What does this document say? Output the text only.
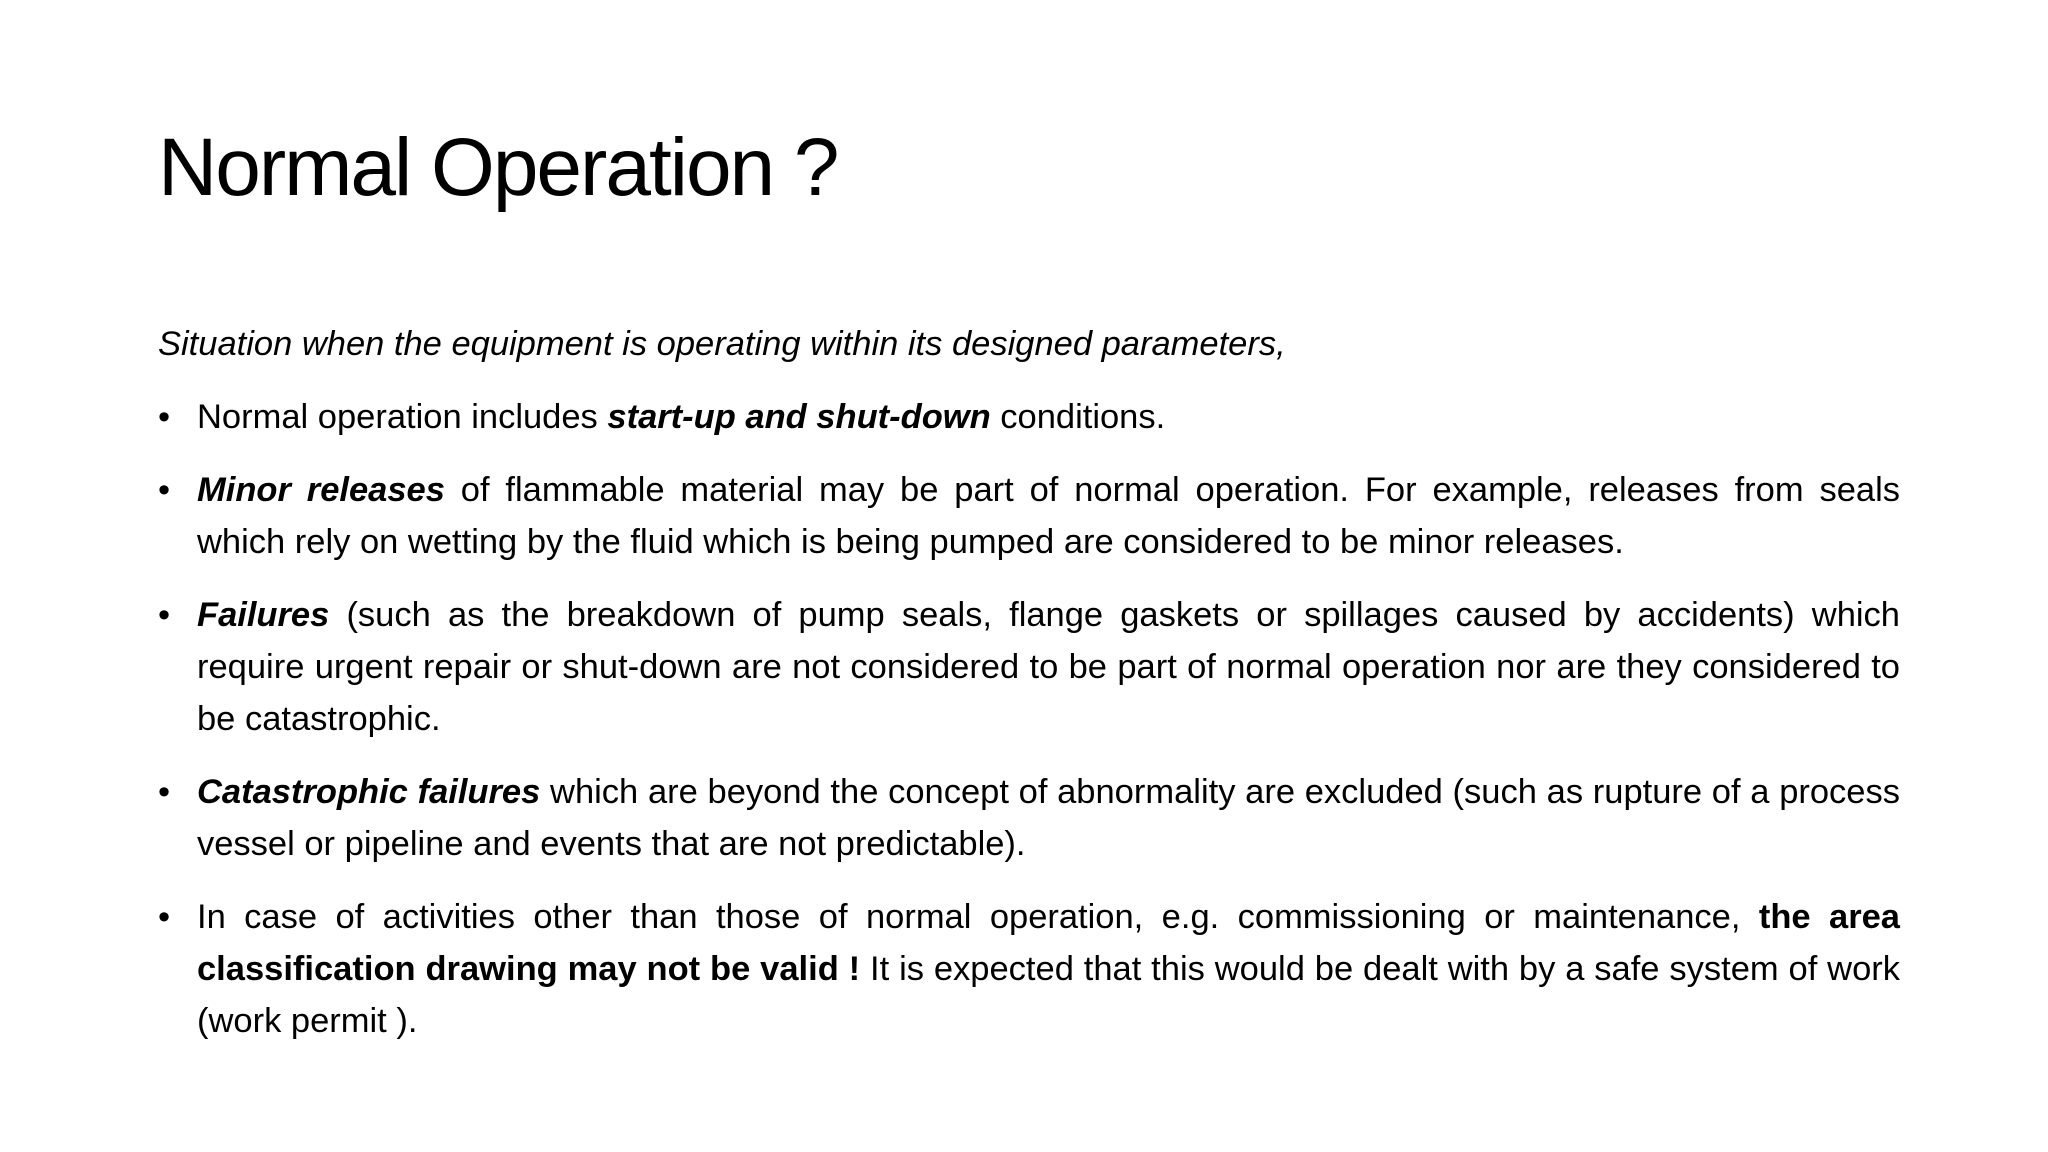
Normal Operation ?

Situation when the equipment is operating within its designed parameters,

• Normal operation includes start-up and shut-down conditions.
• Minor releases of flammable material may be part of normal operation. For example, releases from seals which rely on wetting by the fluid which is being pumped are considered to be minor releases.
• Failures (such as the breakdown of pump seals, flange gaskets or spillages caused by accidents) which require urgent repair or shut-down are not considered to be part of normal operation nor are they considered to be catastrophic.
• Catastrophic failures which are beyond the concept of abnormality are excluded (such as rupture of a process vessel or pipeline and events that are not predictable).
• In case of activities other than those of normal operation, e.g. commissioning or maintenance, the area classification drawing may not be valid ! It is expected that this would be dealt with by a safe system of work (work permit ).
